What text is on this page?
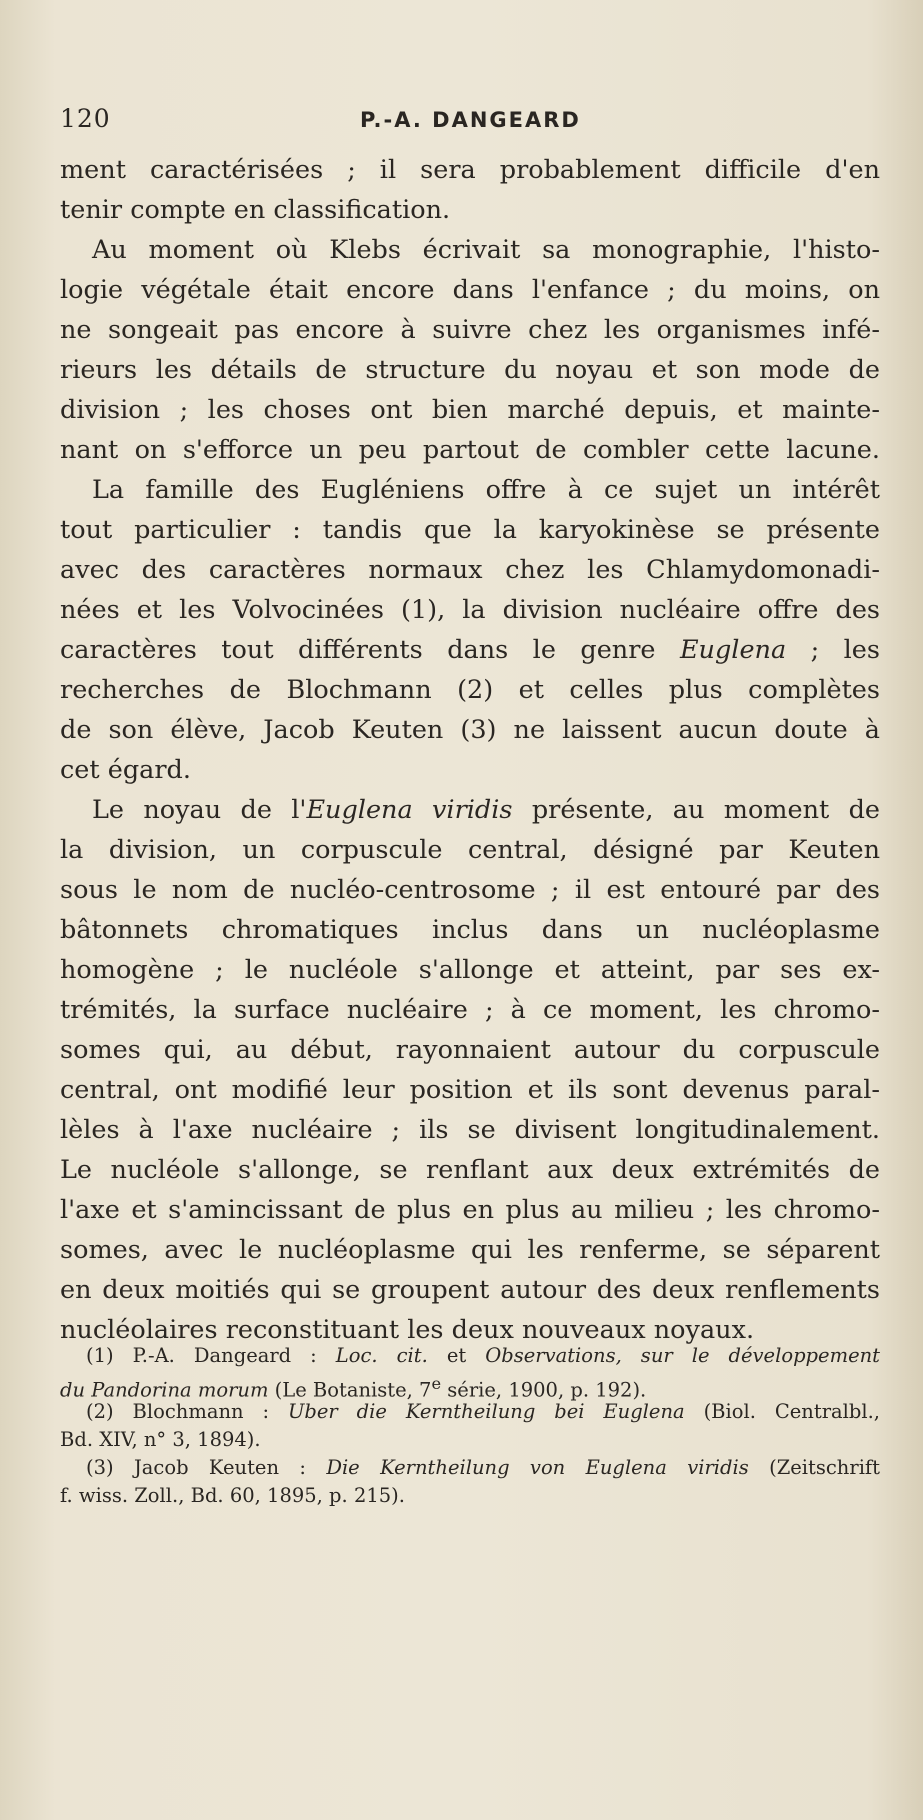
120	P.-A. DANGEARD
ment caractérisées ; il sera probablement difficile d'en
tenir compte en classification.
Au moment où Klebs écrivait sa monographie, l'histo-
logie végétale était encore dans l'enfance ; du moins, on
ne songeait pas encore à suivre chez les organismes infé-
rieurs les détails de structure du noyau et son mode de
division ; les choses ont bien marché depuis, et mainte-
nant on s'efforce un peu partout de combler cette lacune.
La famille des Eugléniens offre à ce sujet un intérêt
tout particulier : tandis que la karyokinèse se présente
avec des caractères normaux chez les Chlamydomonadi-
nées et les Volvocinées (1), la division nucléaire offre des
caractères tout différents dans le genre Euglena ; les
recherches de Blochmann (2) et celles plus complètes
de son élève, Jacob Keuten (3) ne laissent aucun doute à
cet égard.
Le noyau de l'Euglena viridis présente, au moment de
la division, un corpuscule central, désigné par Keuten
sous le nom de nucléo-centrosome ; il est entouré par des
bâtonnets chromatiques inclus dans un nucléoplasme
homogène ; le nucléole s'allonge et atteint, par ses ex-
trémités, la surface nucléaire ; à ce moment, les chromo-
somes qui, au début, rayonnaient autour du corpuscule
central, ont modifié leur position et ils sont devenus paral-
lèles à l'axe nucléaire ; ils se divisent longitudinalement.
Le nucléole s'allonge, se renflant aux deux extrémités de
l'axe et s'amincissant de plus en plus au milieu ; les chromo-
somes, avec le nucléoplasme qui les renferme, se séparent
en deux moitiés qui se groupent autour des deux renflements
nucléolaires reconstituant les deux nouveaux noyaux.
(1) P.-A. Dangeard : Loc. cit. et Observations, sur le développement
du Pandorina morum (Le Botaniste, 7e série, 1900, p. 192).
(2) Blochmann : Uber die Kerntheilung bei Euglena (Biol. Centralbl.,
Bd. XIV, n° 3, 1894).
(3) Jacob Keuten : Die Kerntheilung von Euglena viridis (Zeitschrift
f. wiss. Zoll., Bd. 60, 1895, p. 215).
